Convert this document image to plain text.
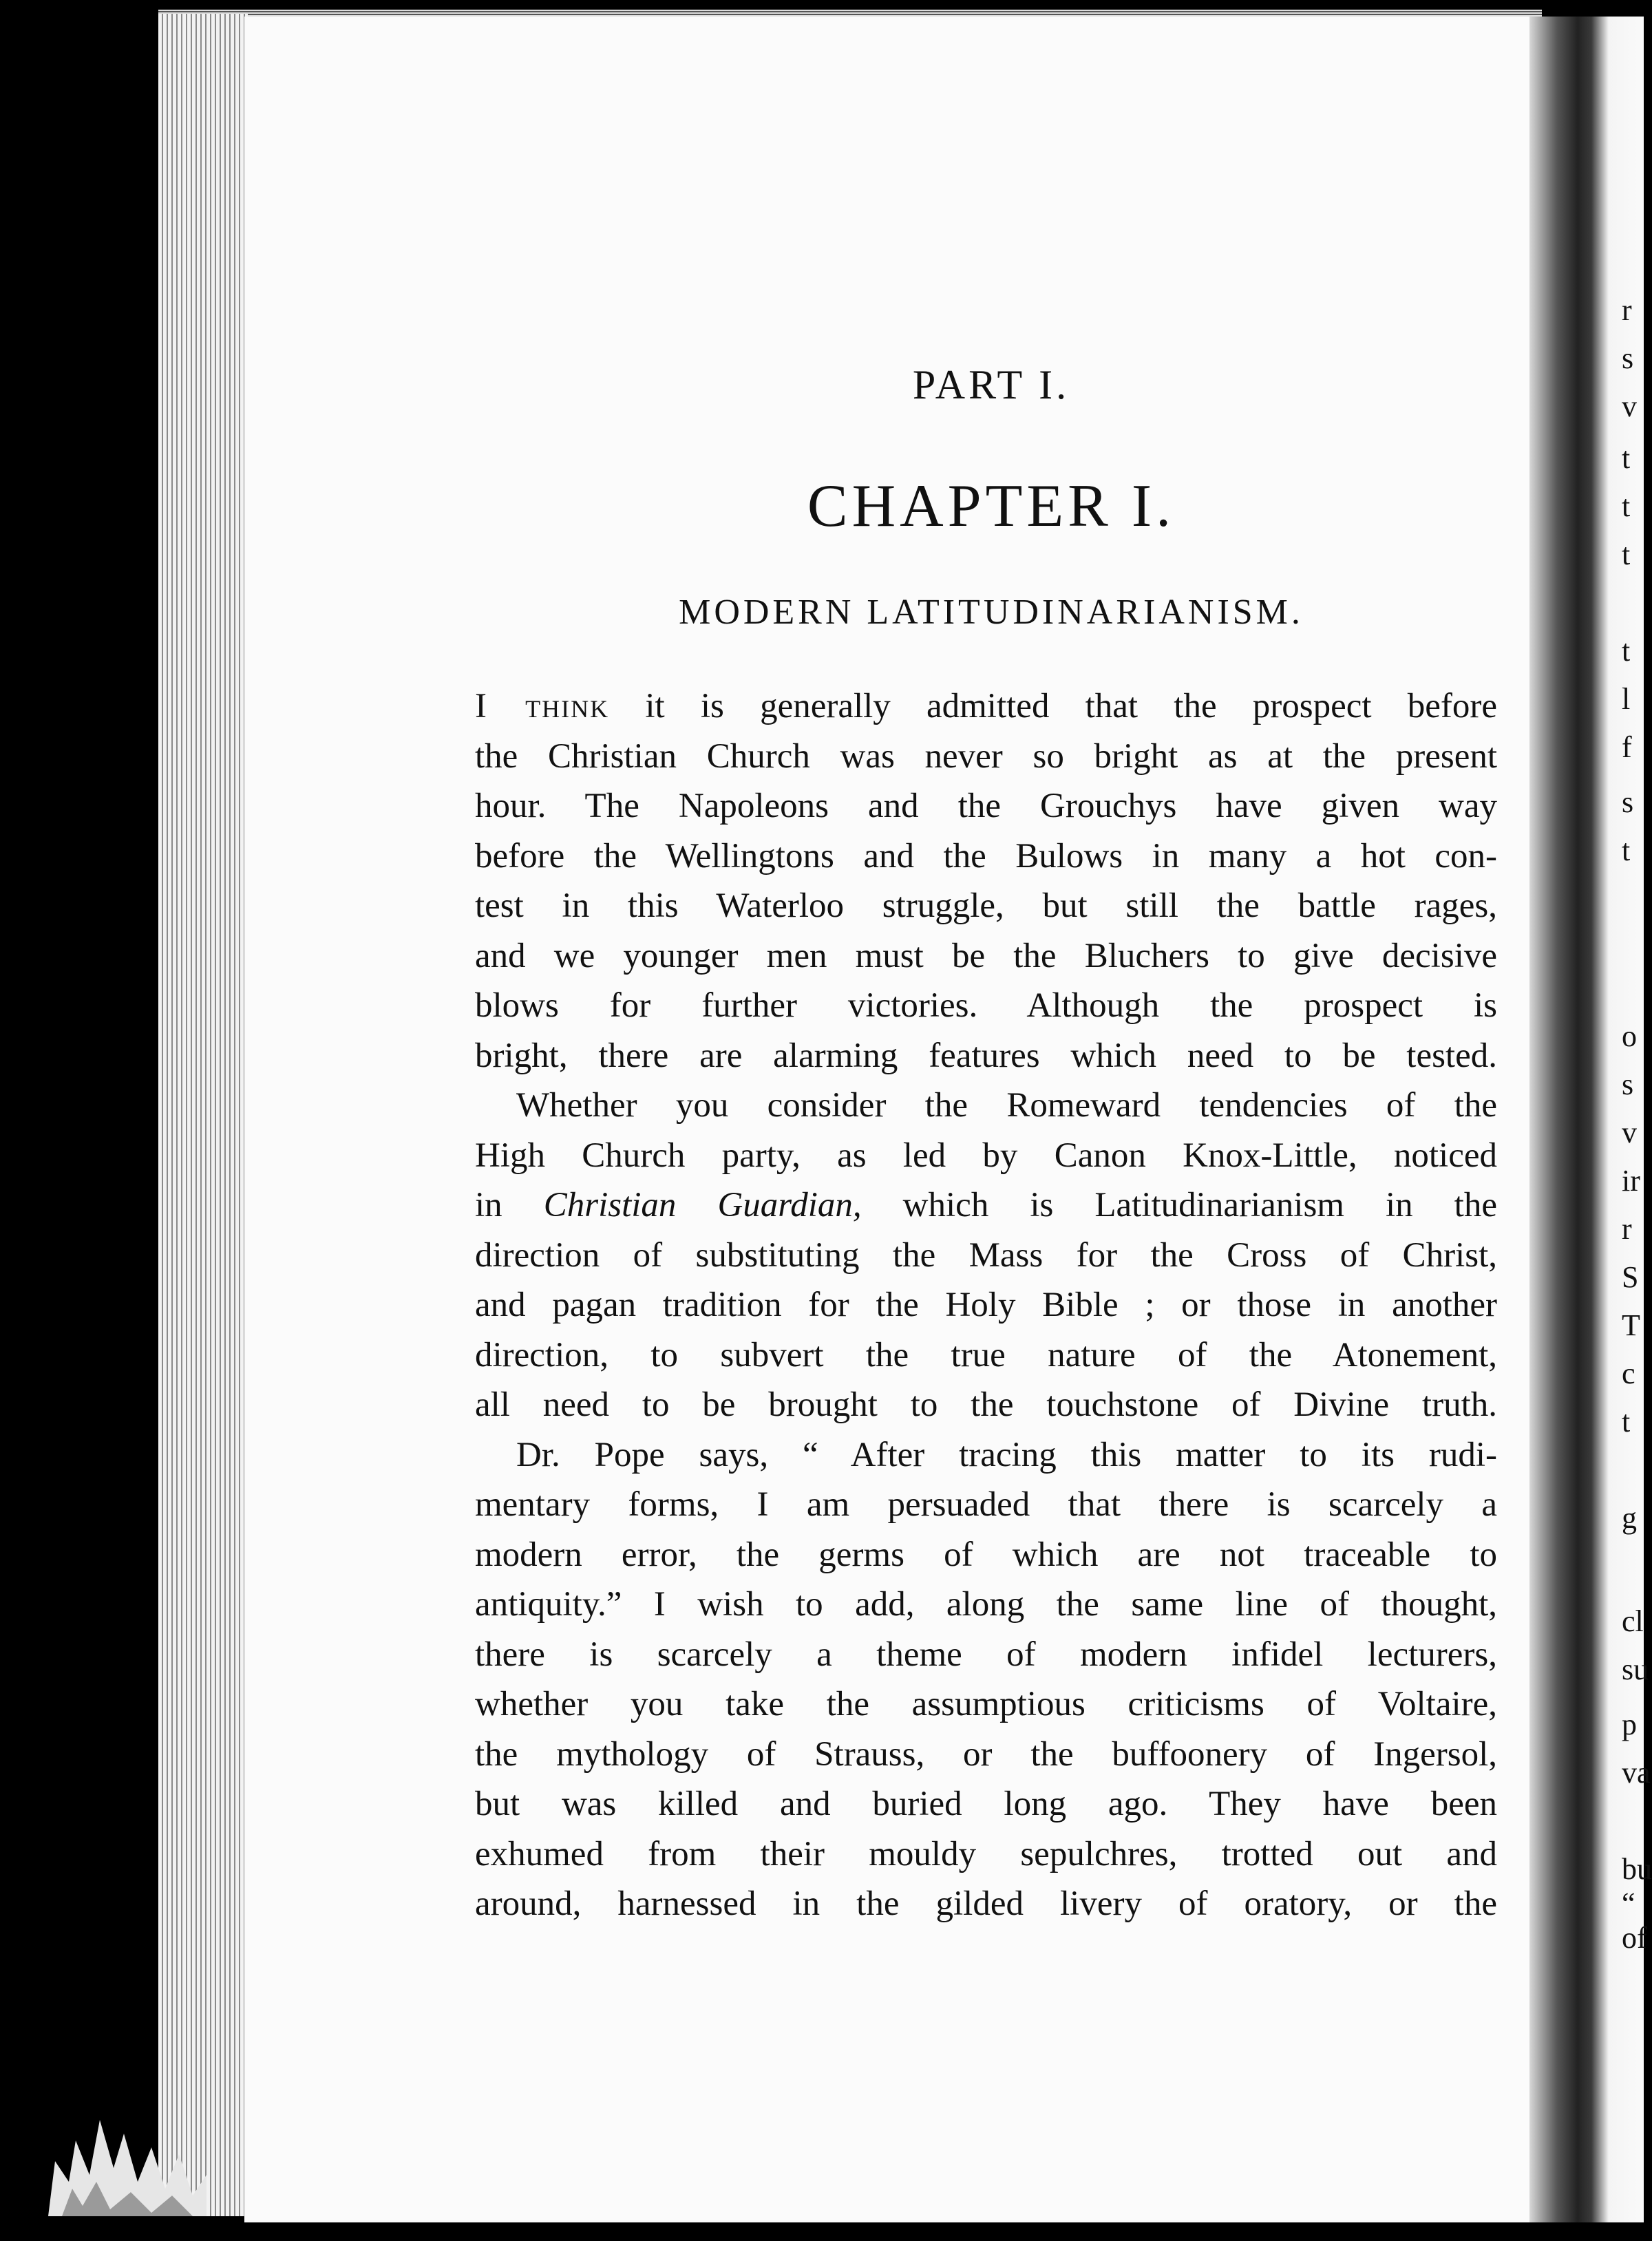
r
s
v
t
t
t
t
l
f
s
t
o
s
v
ir
r
S
T
c
t
g
cl
su
p
va
bu
“
of
PART I.
CHAPTER I.
MODERN LATITUDINARIANISM.

I think it is generally admitted that the prospect before

the Christian Church was never so bright as at the present

hour. The Napoleons and the Grouchys have given way

before the Wellingtons and the Bulows in many a hot con-

test in this Waterloo struggle, but still the battle rages,

and we younger men must be the Bluchers to give decisive

blows for further victories. Although the prospect is

bright, there are alarming features which need to be tested.

Whether you consider the Romeward tendencies of the

High Church party, as led by Canon Knox-Little, noticed

in Christian Guardian, which is Latitudinarianism in the

direction of substituting the Mass for the Cross of Christ,

and pagan tradition for the Holy Bible ; or those in another

direction, to subvert the true nature of the Atonement,

all need to be brought to the touchstone of Divine truth.

Dr. Pope says, “ After tracing this matter to its rudi-

mentary forms, I am persuaded that there is scarcely a

modern error, the germs of which are not traceable to

antiquity.” I wish to add, along the same line of thought,

there is scarcely a theme of modern infidel lecturers,

whether you take the assumptious criticisms of Voltaire,

the mythology of Strauss, or the buffoonery of Ingersol,

but was killed and buried long ago. They have been

exhumed from their mouldy sepulchres, trotted out and

around, harnessed in the gilded livery of oratory, or the
